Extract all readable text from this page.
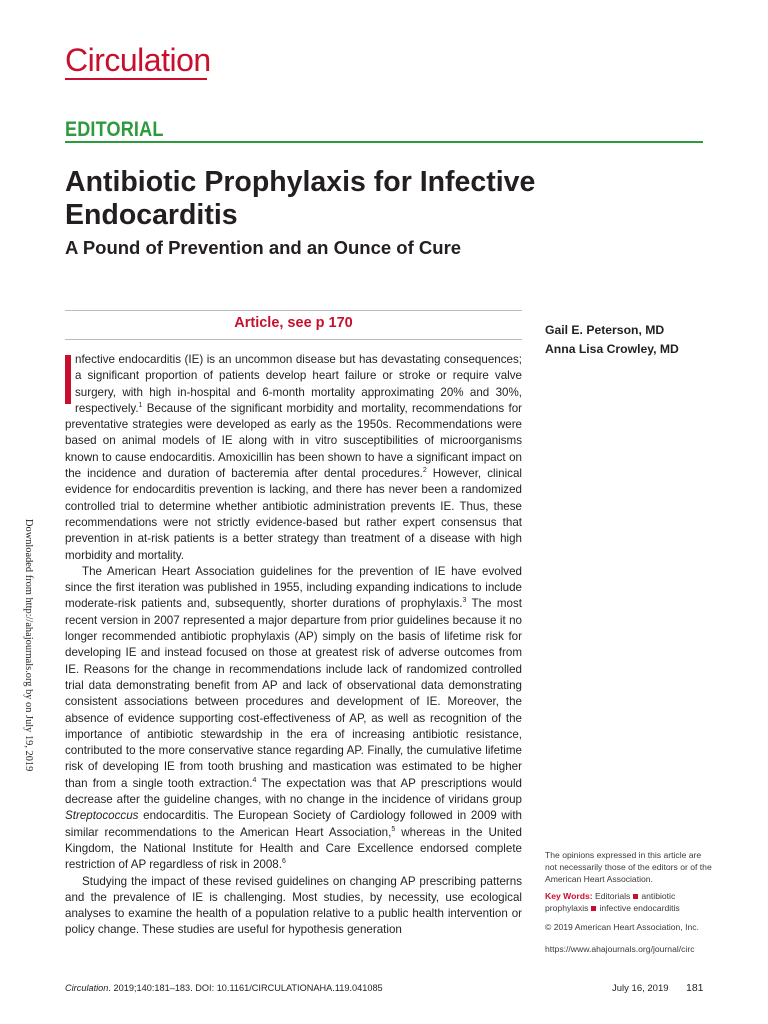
Circulation
EDITORIAL
Antibiotic Prophylaxis for Infective Endocarditis
A Pound of Prevention and an Ounce of Cure
Article, see p 170	Gail E. Peterson, MD
Anna Lisa Crowley, MD
Downloaded from http://ahajournals.org by on July 19, 2019

nfective endocarditis (IE) is an uncommon disease but has devastating consequences; a significant proportion of patients develop heart failure or stroke or require valve surgery, with high in-hospital and 6-month mortality approximating 20% and 30%, respectively.$^1$ Because of the significant morbidity and mortality, recommendations for preventative strategies were developed as early as the 1950s. Recommendations were based on animal models of IE along with in vitro susceptibilities of microorganisms known to cause endocarditis. Amoxicillin has been shown to have a significant impact on the incidence and duration of bacteremia after dental procedures.$^2$ However, clinical evidence for endocarditis prevention is lacking, and there has never been a randomized controlled trial to determine whether antibiotic administration prevents IE. Thus, these recommendations were not strictly evidence-based but rather expert consensus that prevention in at-risk patients is a better strategy than treatment of a disease with high morbidity and mortality.

The American Heart Association guidelines for the prevention of IE have evolved since the first iteration was published in 1955, including expanding indications to include moderate-risk patients and, subsequently, shorter durations of prophylaxis.$^3$ The most recent version in 2007 represented a major departure from prior guidelines because it no longer recommended antibiotic prophylaxis (AP) simply on the basis of lifetime risk for developing IE and instead focused on those at greatest risk of adverse outcomes from IE. Reasons for the change in recommendations include lack of randomized controlled trial data demonstrating benefit from AP and lack of observational data demonstrating consistent associations between procedures and development of IE. Moreover, the absence of evidence supporting cost-effectiveness of AP, as well as recognition of the importance of antibiotic stewardship in the era of increasing antibiotic resistance, contributed to the more conservative stance regarding AP. Finally, the cumulative lifetime risk of developing IE from tooth brushing and mastication was estimated to be higher than from a single tooth extraction.$^4$ The expectation was that AP prescriptions would decrease after the guideline changes, with no change in the incidence of viridans group Streptococcus endocarditis. The European Society of Cardiology followed in 2009 with similar recommendations to the American Heart Association,$^5$ whereas in the United Kingdom, the National Institute for Health and Care Excellence endorsed complete restriction of AP regardless of risk in 2008.$^6$

Studying the impact of these revised guidelines on changing AP prescribing patterns and the prevalence of IE is challenging. Most studies, by necessity, use ecological analyses to examine the health of a population relative to a public health intervention or policy change. These studies are useful for hypothesis generation

The opinions expressed in this article are not necessarily those of the editors or of the American Heart Association.
Key Words: Editorials antibiotic prophylaxis infective endocarditis
© 2019 American Heart Association, Inc.
https://www.ahajournals.org/journal/circ
Circulation. 2019;140:181–183. DOI: 10.1161/CIRCULATIONAHA.119.041085	July 16, 2019 181
